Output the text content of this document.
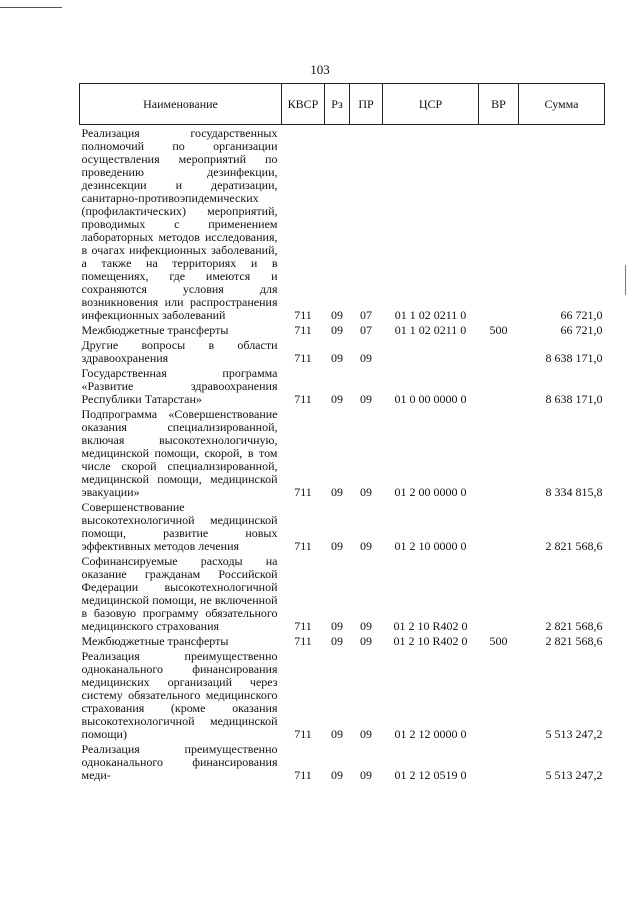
103
Наименование	КВСР	Рз	ПР	ЦСР	ВР	Сумма
Реализация государственных полномочий по организации осуществления мероприятий по проведению дезинфекции, дезинсекции и дератизации, санитарно-противоэпидемических (профилактических) мероприятий, проводимых с применением лабораторных методов исследования, в очагах инфекционных заболеваний, а также на территориях и в помещениях, где имеются и сохраняются условия для возникновения или распространения инфекционных заболеваний	711	09	07	01 1 02 0211 0		66 721,0
Межбюджетные трансферты	711	09	07	01 1 02 0211 0	500	66 721,0
Другие вопросы в области здравоохранения	711	09	09			8 638 171,0
Государственная программа «Развитие здравоохранения Республики Татарстан»	711	09	09	01 0 00 0000 0		8 638 171,0
Подпрограмма «Совершенствование оказания специализированной, включая высокотехнологичную, медицинской помощи, скорой, в том числе скорой специализированной, медицинской помощи, медицинской эвакуации»	711	09	09	01 2 00 0000 0		8 334 815,8
Совершенствование высокотехнологичной медицинской помощи, развитие новых эффективных методов лечения	711	09	09	01 2 10 0000 0		2 821 568,6
Софинансируемые расходы на оказание гражданам Российской Федерации высокотехнологичной медицинской помощи, не включенной в базовую программу обязательного медицинского страхования	711	09	09	01 2 10 R402 0		2 821 568,6
Межбюджетные трансферты	711	09	09	01 2 10 R402 0	500	2 821 568,6
Реализация преимущественно одноканального финансирования медицинских организаций через систему обязательного медицинского страхования (кроме оказания высокотехнологичной медицинской помощи)	711	09	09	01 2 12 0000 0		5 513 247,2
Реализация преимущественно одноканального финансирования меди-	711	09	09	01 2 12 0519 0		5 513 247,2
